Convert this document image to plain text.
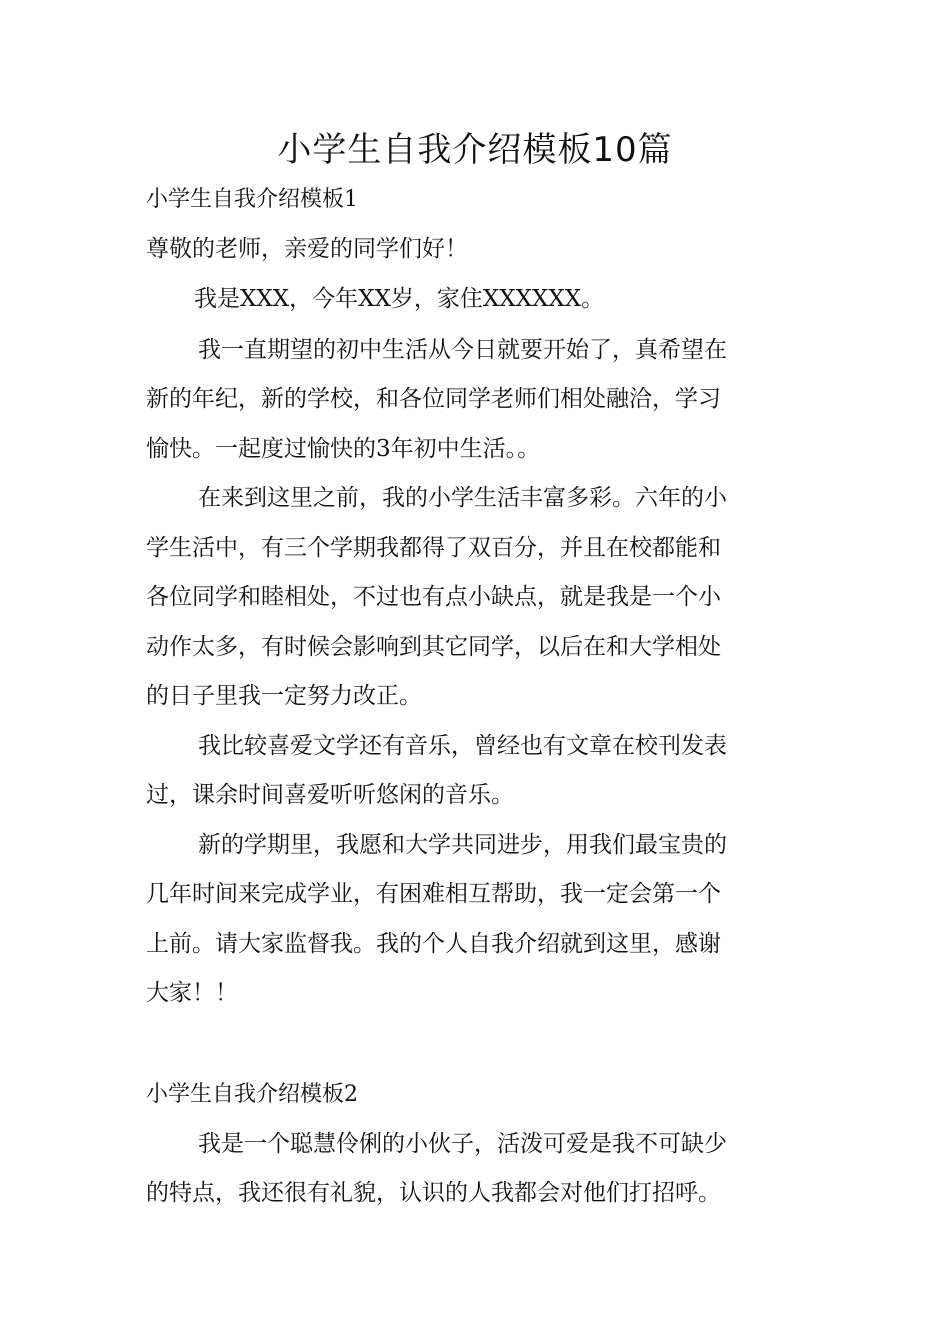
小学生自我介绍模板10篇
小学生自我介绍模板1

尊敬的老师，亲爱的同学们好！

我是XXX，今年XX岁，家住XXXXXX。

我一直期望的初中生活从今日就要开始了，真希望在

新的年纪，新的学校，和各位同学老师们相处融洽，学习

愉快。一起度过愉快的3年初中生活。。

在来到这里之前，我的小学生活丰富多彩。六年的小

学生活中，有三个学期我都得了双百分，并且在校都能和

各位同学和睦相处，不过也有点小缺点，就是我是一个小

动作太多，有时候会影响到其它同学，以后在和大学相处

的日子里我一定努力改正。

我比较喜爱文学还有音乐，曾经也有文章在校刊发表

过，课余时间喜爱听听悠闲的音乐。

新的学期里，我愿和大学共同进步，用我们最宝贵的

几年时间来完成学业，有困难相互帮助，我一定会第一个

上前。请大家监督我。我的个人自我介绍就到这里，感谢

大家！！

小学生自我介绍模板2

我是一个聪慧伶俐的小伙子，活泼可爱是我不可缺少

的特点，我还很有礼貌，认识的人我都会对他们打招呼。
